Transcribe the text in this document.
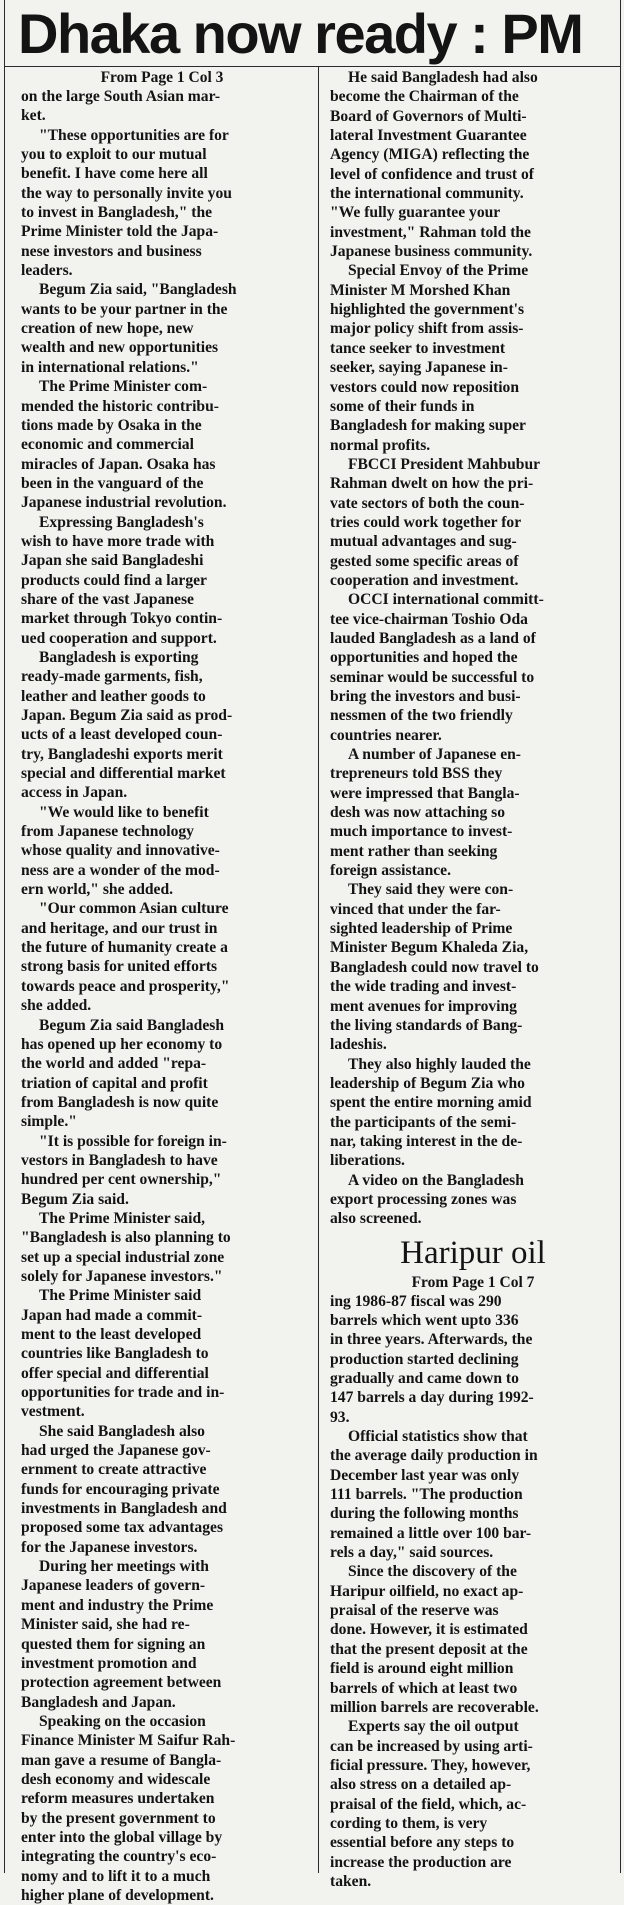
Dhaka now ready : PM
From Page 1 Col 3
on the large South Asian mar-
ket.
"These opportunities are for
you to exploit to our mutual
benefit. I have come here all
the way to personally invite you
to invest in Bangladesh," the
Prime Minister told the Japa-
nese investors and business
leaders.
Begum Zia said, "Bangladesh
wants to be your partner in the
creation of new hope, new
wealth and new opportunities
in international relations."
The Prime Minister com-
mended the historic contribu-
tions made by Osaka in the
economic and commercial
miracles of Japan. Osaka has
been in the vanguard of the
Japanese industrial revolution.
Expressing Bangladesh's
wish to have more trade with
Japan she said Bangladeshi
products could find a larger
share of the vast Japanese
market through Tokyo contin-
ued cooperation and support.
Bangladesh is exporting
ready-made garments, fish,
leather and leather goods to
Japan. Begum Zia said as prod-
ucts of a least developed coun-
try, Bangladeshi exports merit
special and differential market
access in Japan.
"We would like to benefit
from Japanese technology
whose quality and innovative-
ness are a wonder of the mod-
ern world," she added.
"Our common Asian culture
and heritage, and our trust in
the future of humanity create a
strong basis for united efforts
towards peace and prosperity,"
she added.
Begum Zia said Bangladesh
has opened up her economy to
the world and added "repa-
triation of capital and profit
from Bangladesh is now quite
simple."
"It is possible for foreign in-
vestors in Bangladesh to have
hundred per cent ownership,"
Begum Zia said.
The Prime Minister said,
"Bangladesh is also planning to
set up a special industrial zone
solely for Japanese investors."
The Prime Minister said
Japan had made a commit-
ment to the least developed
countries like Bangladesh to
offer special and differential
opportunities for trade and in-
vestment.
She said Bangladesh also
had urged the Japanese gov-
ernment to create attractive
funds for encouraging private
investments in Bangladesh and
proposed some tax advantages
for the Japanese investors.
During her meetings with
Japanese leaders of govern-
ment and industry the Prime
Minister said, she had re-
quested them for signing an
investment promotion and
protection agreement between
Bangladesh and Japan.
Speaking on the occasion
Finance Minister M Saifur Rah-
man gave a resume of Bangla-
desh economy and widescale
reform measures undertaken
by the present government to
enter into the global village by
integrating the country's eco-
nomy and to lift it to a much
higher plane of development.
He said Bangladesh had also
become the Chairman of the
Board of Governors of Multi-
lateral Investment Guarantee
Agency (MIGA) reflecting the
level of confidence and trust of
the international community.
"We fully guarantee your
investment," Rahman told the
Japanese business community.
Special Envoy of the Prime
Minister M Morshed Khan
highlighted the government's
major policy shift from assis-
tance seeker to investment
seeker, saying Japanese in-
vestors could now reposition
some of their funds in
Bangladesh for making super
normal profits.
FBCCI President Mahbubur
Rahman dwelt on how the pri-
vate sectors of both the coun-
tries could work together for
mutual advantages and sug-
gested some specific areas of
cooperation and investment.
OCCI international committ-
tee vice-chairman Toshio Oda
lauded Bangladesh as a land of
opportunities and hoped the
seminar would be successful to
bring the investors and busi-
nessmen of the two friendly
countries nearer.
A number of Japanese en-
trepreneurs told BSS they
were impressed that Bangla-
desh was now attaching so
much importance to invest-
ment rather than seeking
foreign assistance.
They said they were con-
vinced that under the far-
sighted leadership of Prime
Minister Begum Khaleda Zia,
Bangladesh could now travel to
the wide trading and invest-
ment avenues for improving
the living standards of Bang-
ladeshis.
They also highly lauded the
leadership of Begum Zia who
spent the entire morning amid
the participants of the semi-
nar, taking interest in the de-
liberations.
A video on the Bangladesh
export processing zones was
also screened.
Haripur oil
From Page 1 Col 7
ing 1986-87 fiscal was 290
barrels which went upto 336
in three years. Afterwards, the
production started declining
gradually and came down to
147 barrels a day during 1992-
93.
Official statistics show that
the average daily production in
December last year was only
111 barrels. "The production
during the following months
remained a little over 100 bar-
rels a day," said sources.
Since the discovery of the
Haripur oilfield, no exact ap-
praisal of the reserve was
done. However, it is estimated
that the present deposit at the
field is around eight million
barrels of which at least two
million barrels are recoverable.
Experts say the oil output
can be increased by using arti-
ficial pressure. They, however,
also stress on a detailed ap-
praisal of the field, which, ac-
cording to them, is very
essential before any steps to
increase the production are
taken.
